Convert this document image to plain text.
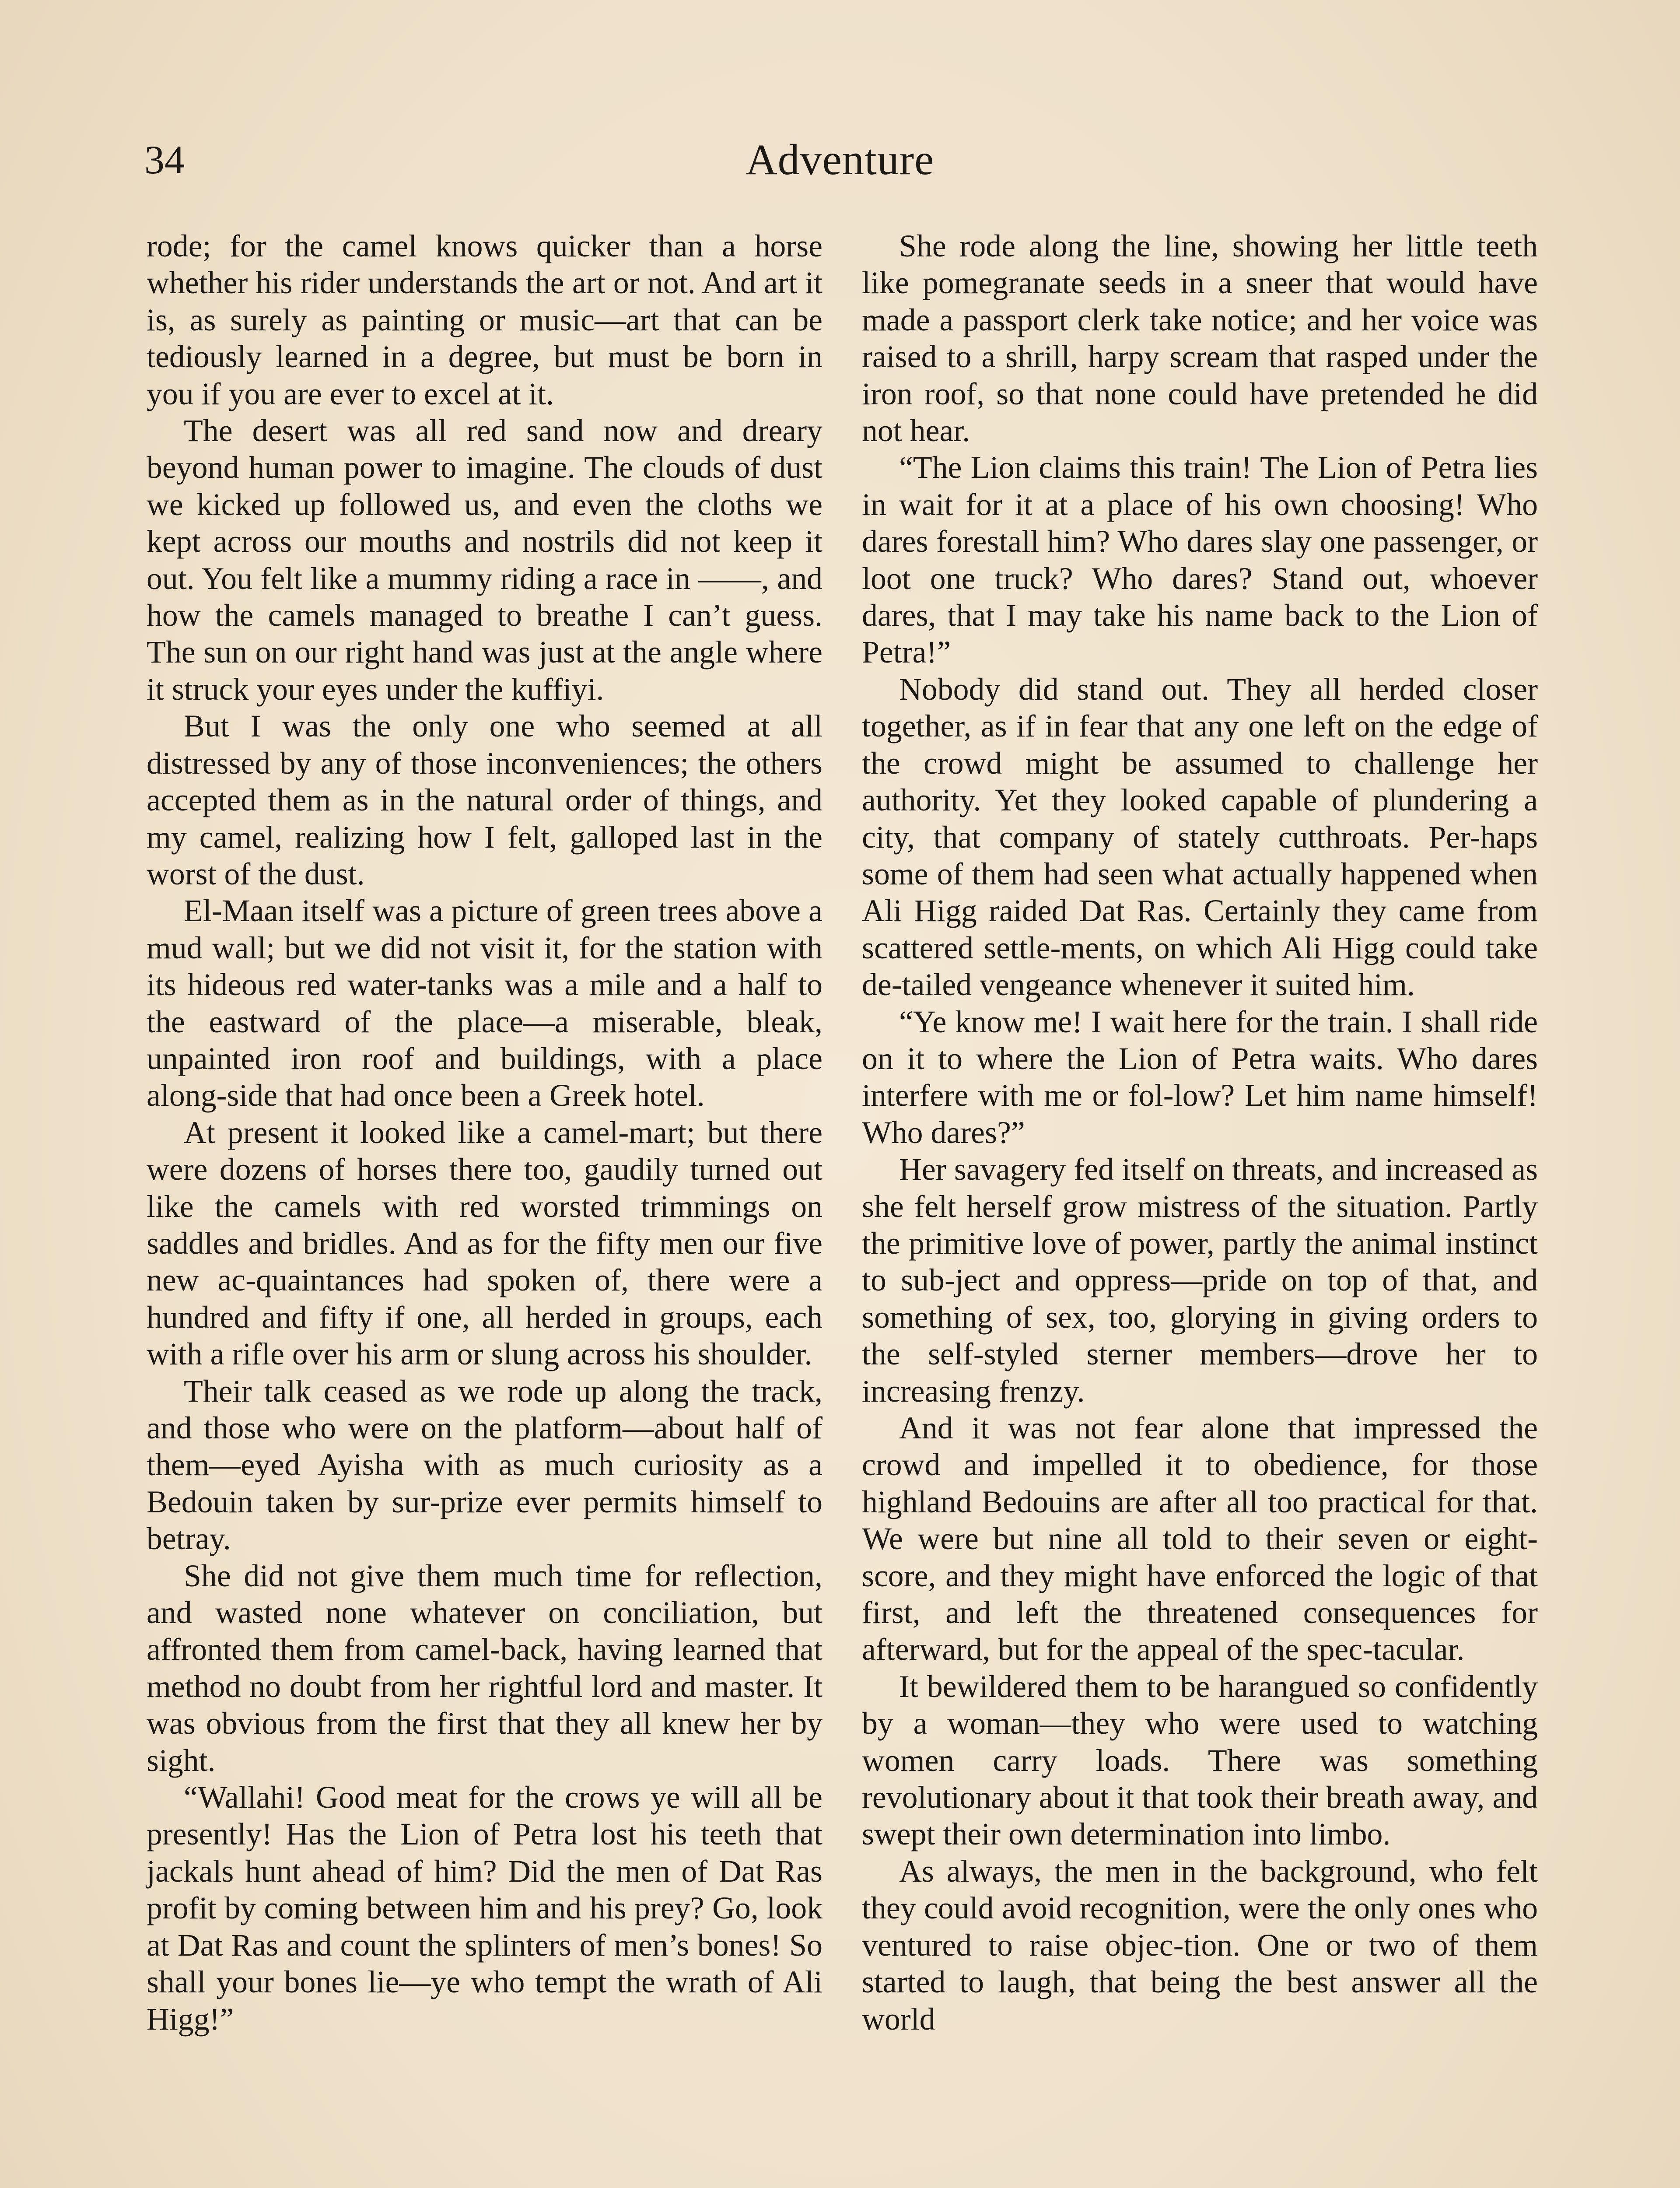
34	Adventure

rode; for the camel knows quicker than a horse whether his rider understands the art or not. And art it is, as surely as painting or music—art that can be tediously learned in a degree, but must be born in you if you are ever to excel at it.

The desert was all red sand now and dreary beyond human power to imagine. The clouds of dust we kicked up followed us, and even the cloths we kept across our mouths and nostrils did not keep it out. You felt like a mummy riding a race in ——, and how the camels managed to breathe I can’t guess. The sun on our right hand was just at the angle where it struck your eyes under the kuffiyi.

But I was the only one who seemed at all distressed by any of those inconveniences; the others accepted them as in the natural order of things, and my camel, realizing how I felt, galloped last in the worst of the dust.

El-Maan itself was a picture of green trees above a mud wall; but we did not visit it, for the station with its hideous red water-tanks was a mile and a half to the eastward of the place—a miserable, bleak, unpainted iron roof and buildings, with a place along-side that had once been a Greek hotel.

At present it looked like a camel-mart; but there were dozens of horses there too, gaudily turned out like the camels with red worsted trimmings on saddles and bridles. And as for the fifty men our five new ac-quaintances had spoken of, there were a hundred and fifty if one, all herded in groups, each with a rifle over his arm or slung across his shoulder.

Their talk ceased as we rode up along the track, and those who were on the platform—about half of them—eyed Ayisha with as much curiosity as a Bedouin taken by sur-prize ever permits himself to betray.

She did not give them much time for reflection, and wasted none whatever on conciliation, but affronted them from camel-back, having learned that method no doubt from her rightful lord and master. It was obvious from the first that they all knew her by sight.

“Wallahi! Good meat for the crows ye will all be presently! Has the Lion of Petra lost his teeth that jackals hunt ahead of him? Did the men of Dat Ras profit by coming between him and his prey? Go, look at Dat Ras and count the splinters of men’s bones! So shall your bones lie—ye who tempt the wrath of Ali Higg!”

She rode along the line, showing her little teeth like pomegranate seeds in a sneer that would have made a passport clerk take notice; and her voice was raised to a shrill, harpy scream that rasped under the iron roof, so that none could have pretended he did not hear.

“The Lion claims this train! The Lion of Petra lies in wait for it at a place of his own choosing! Who dares forestall him? Who dares slay one passenger, or loot one truck? Who dares? Stand out, whoever dares, that I may take his name back to the Lion of Petra!”

Nobody did stand out. They all herded closer together, as if in fear that any one left on the edge of the crowd might be assumed to challenge her authority. Yet they looked capable of plundering a city, that company of stately cutthroats. Per-haps some of them had seen what actually happened when Ali Higg raided Dat Ras. Certainly they came from scattered settle-ments, on which Ali Higg could take de-tailed vengeance whenever it suited him.

“Ye know me! I wait here for the train. I shall ride on it to where the Lion of Petra waits. Who dares interfere with me or fol-low? Let him name himself! Who dares?”

Her savagery fed itself on threats, and increased as she felt herself grow mistress of the situation. Partly the primitive love of power, partly the animal instinct to sub-ject and oppress—pride on top of that, and something of sex, too, glorying in giving orders to the self-styled sterner members—drove her to increasing frenzy.

And it was not fear alone that impressed the crowd and impelled it to obedience, for those highland Bedouins are after all too practical for that. We were but nine all told to their seven or eight-score, and they might have enforced the logic of that first, and left the threatened consequences for afterward, but for the appeal of the spec-tacular.

It bewildered them to be harangued so confidently by a woman—they who were used to watching women carry loads. There was something revolutionary about it that took their breath away, and swept their own determination into limbo.

As always, the men in the background, who felt they could avoid recognition, were the only ones who ventured to raise objec-tion. One or two of them started to laugh, that being the best answer all the world
